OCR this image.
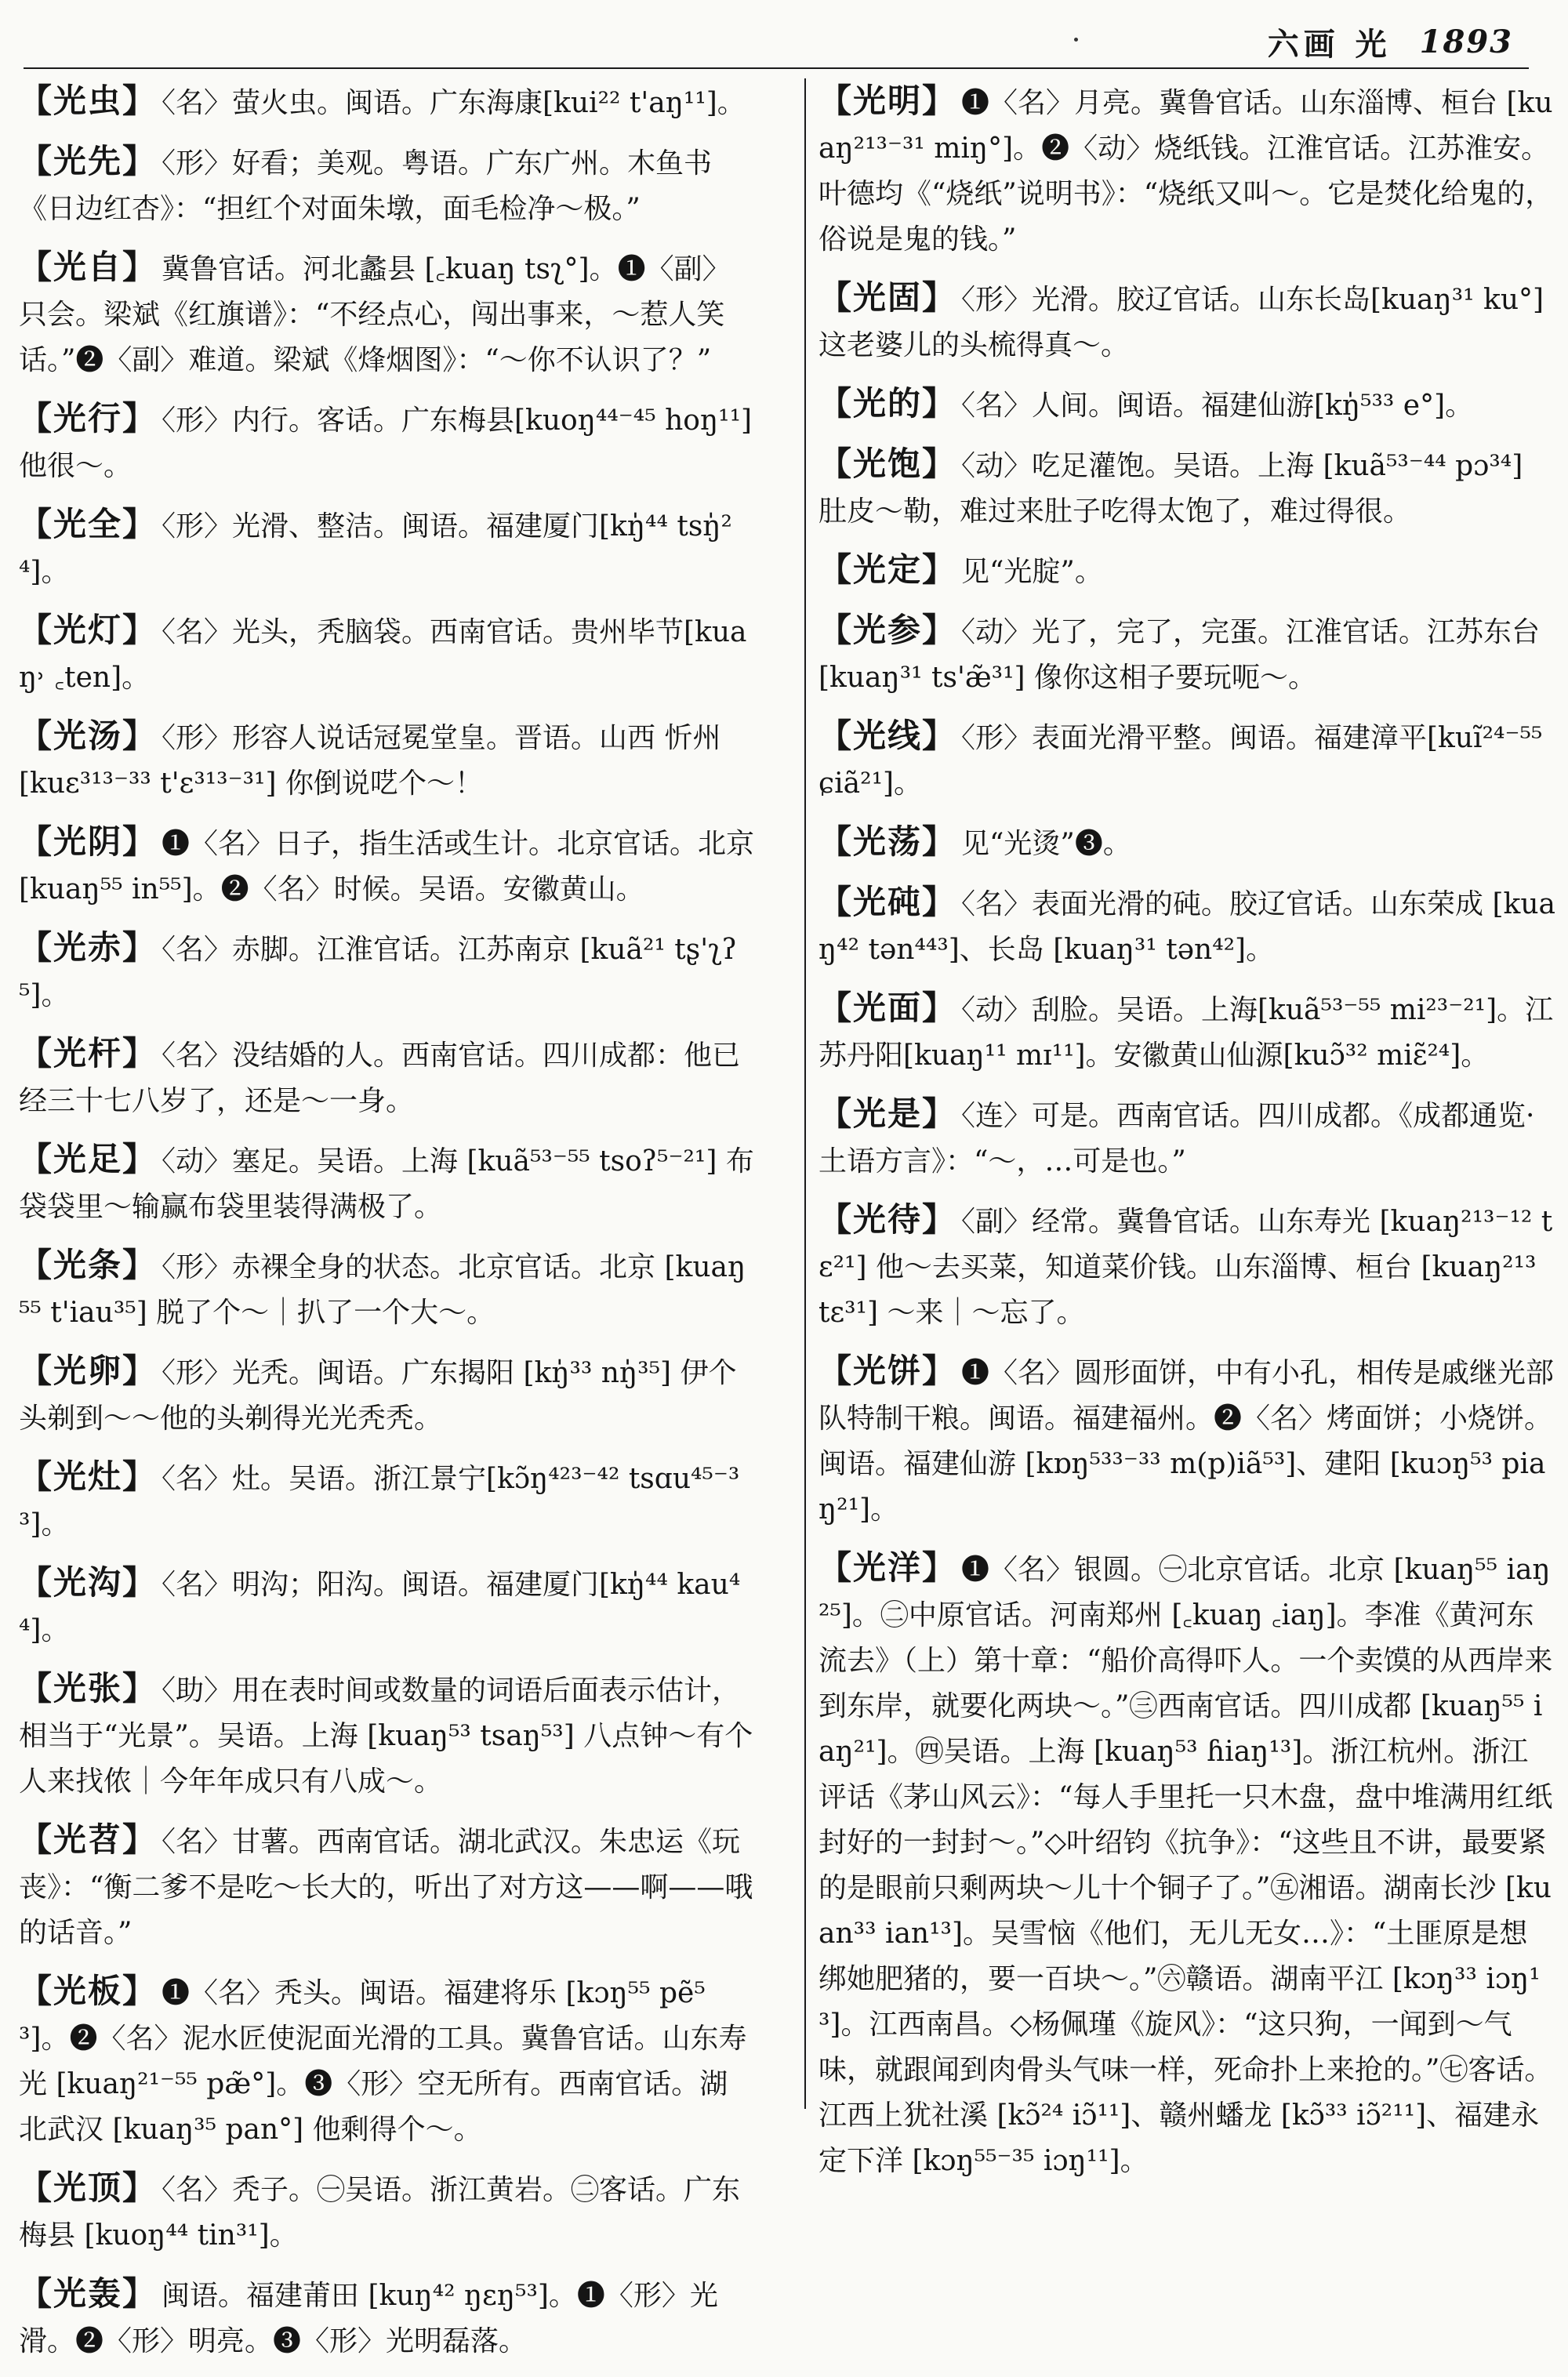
六画 光 1893

【光虫】 〈名〉萤火虫。闽语。广东海康[kui²² t'aŋ¹¹]。

【光先】 〈形〉好看；美观。粤语。广东广州。木鱼书《日边红杏》：“担红个对面朱墩，面毛检净～极。”

【光自】 冀鲁官话。河北蠡县 [꜀kuaŋ tsʅ°]。❶〈副〉只会。梁斌《红旗谱》：“不经点心，闯出事来，～惹人笑话。”❷〈副〉难道。梁斌《烽烟图》：“～你不认识了？”

【光行】 〈形〉内行。客话。广东梅县[kuoŋ⁴⁴⁻⁴⁵ hoŋ¹¹] 他很～。

【光全】 〈形〉光滑、整洁。闽语。福建厦门[kŋ̍⁴⁴ tsŋ̍²⁴]。

【光灯】 〈名〉光头，秃脑袋。西南官话。贵州毕节[kuaŋ˒ ꜀ten]。

【光汤】 〈形〉形容人说话冠冕堂皇。晋语。山西 忻州 [kuɛ³¹³⁻³³ t'ɛ³¹³⁻³¹] 你倒说呓个～！

【光阴】 ❶〈名〉日子，指生活或生计。北京官话。北京 [kuaŋ⁵⁵ in⁵⁵]。❷〈名〉时候。吴语。安徽黄山。

【光赤】 〈名〉赤脚。江淮官话。江苏南京 [kuã²¹ tʂ'ʅʔ⁵]。

【光杆】 〈名〉没结婚的人。西南官话。四川成都：他已经三十七八岁了，还是～一身。

【光足】 〈动〉塞足。吴语。上海 [kuã⁵³⁻⁵⁵ tsoʔ⁵⁻²¹] 布袋袋里～输赢布袋里装得满极了。

【光条】 〈形〉赤裸全身的状态。北京官话。北京 [kuaŋ⁵⁵ t'iau³⁵] 脱了个～｜扒了一个大～。

【光卵】 〈形〉光秃。闽语。广东揭阳 [kŋ̍³³ nŋ̍³⁵] 伊个头剃到～～他的头剃得光光秃秃。

【光灶】 〈名〉灶。吴语。浙江景宁[kɔ̃ŋ⁴²³⁻⁴² tsɑu⁴⁵⁻³³]。

【光沟】 〈名〉明沟；阳沟。闽语。福建厦门[kŋ̍⁴⁴ kau⁴⁴]。

【光张】 〈助〉用在表时间或数量的词语后面表示估计，相当于“光景”。吴语。上海 [kuaŋ⁵³ tsaŋ⁵³] 八点钟～有个人来找侬｜今年年成只有八成～。

【光苕】 〈名〉甘薯。西南官话。湖北武汉。朱忠运《玩丧》：“衡二爹不是吃～长大的，听出了对方这——啊——哦的话音。”

【光板】 ❶〈名〉秃头。闽语。福建将乐 [kɔŋ⁵⁵ pẽ⁵³]。❷〈名〉泥水匠使泥面光滑的工具。冀鲁官话。山东寿光 [kuaŋ²¹⁻⁵⁵ pæ̃°]。❸〈形〉空无所有。西南官话。湖北武汉 [kuaŋ³⁵ pan°] 他剩得个～。

【光顶】 〈名〉秃子。㊀吴语。浙江黄岩。㊁客话。广东梅县 [kuoŋ⁴⁴ tin³¹]。

【光轰】 闽语。福建莆田 [kuŋ⁴² ŋɛŋ⁵³]。❶〈形〉光滑。❷〈形〉明亮。❸〈形〉光明磊落。

【光明】 ❶〈名〉月亮。冀鲁官话。山东淄博、桓台 [kuaŋ²¹³⁻³¹ miŋ°]。❷〈动〉烧纸钱。江淮官话。江苏淮安。叶德均《“烧纸”说明书》：“烧纸又叫～。它是焚化给鬼的，俗说是鬼的钱。”

【光固】 〈形〉光滑。胶辽官话。山东长岛[kuaŋ³¹ ku°] 这老婆儿的头梳得真～。

【光的】 〈名〉人间。闽语。福建仙游[kŋ̍⁵³³ e°]。

【光饱】 〈动〉吃足灌饱。吴语。上海 [kuã⁵³⁻⁴⁴ pɔ³⁴] 肚皮～勒，难过来肚子吃得太饱了，难过得很。

【光定】 见“光腚”。

【光参】 〈动〉光了，完了，完蛋。江淮官话。江苏东台 [kuaŋ³¹ ts'æ̃³¹] 像你这相子要玩呃～。

【光线】 〈形〉表面光滑平整。闽语。福建漳平[kuĩ²⁴⁻⁵⁵ ɕiã²¹]。

【光荡】 见“光烫”❸。

【光砘】 〈名〉表面光滑的砘。胶辽官话。山东荣成 [kuaŋ⁴² tən⁴⁴³]、长岛 [kuaŋ³¹ tən⁴²]。

【光面】 〈动〉刮脸。吴语。上海[kuã⁵³⁻⁵⁵ mi²³⁻²¹]。江苏丹阳[kuaŋ¹¹ mɪ¹¹]。安徽黄山仙源[kuɔ̃³² miɛ̃²⁴]。

【光是】 〈连〉可是。西南官话。四川成都。《成都通览·土语方言》：“～，…可是也。”

【光待】 〈副〉经常。冀鲁官话。山东寿光 [kuaŋ²¹³⁻¹² tɛ²¹] 他～去买菜，知道菜价钱。山东淄博、桓台 [kuaŋ²¹³ tɛ³¹] ～来｜～忘了。

【光饼】 ❶〈名〉圆形面饼，中有小孔，相传是戚继光部队特制干粮。闽语。福建福州。❷〈名〉烤面饼；小烧饼。闽语。福建仙游 [kɒŋ⁵³³⁻³³ m(p)iã⁵³]、建阳 [kuɔŋ⁵³ piaŋ²¹]。

【光洋】 ❶〈名〉银圆。㊀北京官话。北京 [kuaŋ⁵⁵ iaŋ²⁵]。㊁中原官话。河南郑州 [꜀kuaŋ ꜀iaŋ]。李准《黄河东流去》（上）第十章：“船价高得吓人。一个卖馍的从西岸来到东岸，就要化两块～。”㊂西南官话。四川成都 [kuaŋ⁵⁵ iaŋ²¹]。㊃吴语。上海 [kuaŋ⁵³ ɦiaŋ¹³]。浙江杭州。浙江评话《茅山风云》：“每人手里托一只木盘，盘中堆满用红纸封好的一封封～。”◇叶绍钧《抗争》：“这些且不讲，最要紧的是眼前只剩两块～儿十个铜子了。”㊄湘语。湖南长沙 [kuan³³ ian¹³]。吴雪恼《他们，无儿无女…》：“土匪原是想绑她肥猪的，要一百块～。”㊅赣语。湖南平江 [kɔŋ³³ iɔŋ¹³]。江西南昌。◇杨佩瑾《旋风》：“这只狗，一闻到～气味，就跟闻到肉骨头气味一样，死命扑上来抢的。”㊆客话。江西上犹社溪 [kɔ̃²⁴ iɔ̃¹¹]、赣州蟠龙 [kɔ̃³³ iɔ̃²¹¹]、福建永定下洋 [kɔŋ⁵⁵⁻³⁵ iɔŋ¹¹]。
